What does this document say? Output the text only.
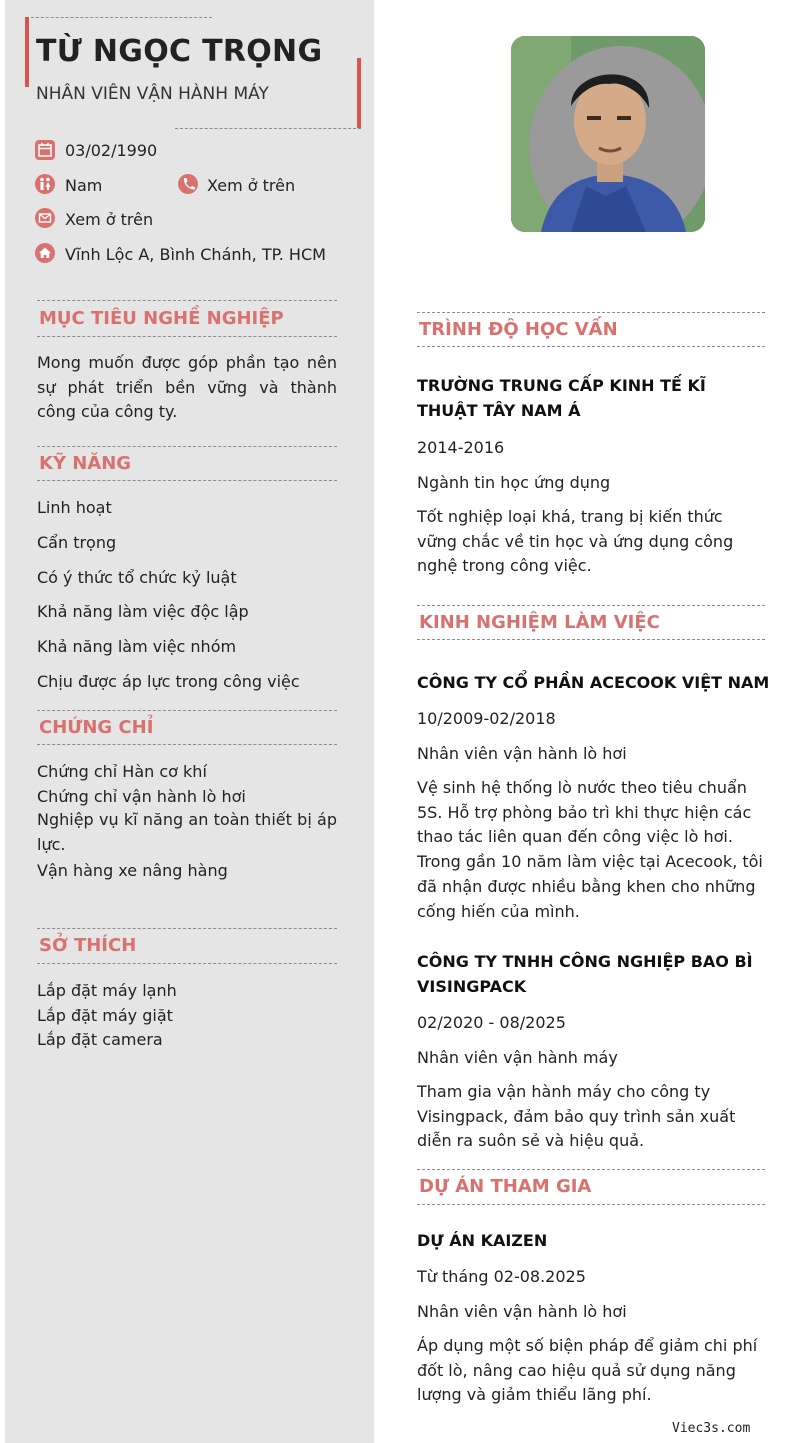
TỪ NGỌC TRỌNG
NHÂN VIÊN VẬN HÀNH MÁY
03/02/1990
Nam	Xem ở trên
Xem ở trên
Vĩnh Lộc A, Bình Chánh, TP. HCM
MỤC TIÊU NGHỀ NGHIỆP
Mong muốn được góp phần tạo nên sự phát triển bền vững và thành công của công ty.
KỸ NĂNG
Linh hoạt
Cẩn trọng
Có ý thức tổ chức kỷ luật
Khả năng làm việc độc lập
Khả năng làm việc nhóm
Chịu được áp lực trong công việc
CHỨNG CHỈ
Chứng chỉ Hàn cơ khí
Chứng chỉ vận hành lò hơi
Nghiệp vụ kĩ năng an toàn thiết bị áp lực.
Vận hàng xe nâng hàng
SỞ THÍCH
Lắp đặt máy lạnh
Lắp đặt máy giặt
Lắp đặt camera
TRÌNH ĐỘ HỌC VẤN
TRƯỜNG TRUNG CẤP KINH TẾ KĨ THUẬT TÂY NAM Á
2014-2016
Ngành tin học ứng dụng
Tốt nghiệp loại khá, trang bị kiến thức vững chắc về tin học và ứng dụng công nghệ trong công việc.
KINH NGHIỆM LÀM VIỆC
CÔNG TY CỔ PHẦN ACECOOK VIỆT NAM
10/2009-02/2018
Nhân viên vận hành lò hơi
Vệ sinh hệ thống lò nước theo tiêu chuẩn 5S. Hỗ trợ phòng bảo trì khi thực hiện các thao tác liên quan đến công việc lò hơi. Trong gần 10 năm làm việc tại Acecook, tôi đã nhận được nhiều bằng khen cho những cống hiến của mình.
CÔNG TY TNHH CÔNG NGHIỆP BAO BÌ VISINGPACK
02/2020 - 08/2025
Nhân viên vận hành máy
Tham gia vận hành máy cho công ty Visingpack, đảm bảo quy trình sản xuất diễn ra suôn sẻ và hiệu quả.
DỰ ÁN THAM GIA
DỰ ÁN KAIZEN
Từ tháng 02-08.2025
Nhân viên vận hành lò hơi
Áp dụng một số biện pháp để giảm chi phí đốt lò, nâng cao hiệu quả sử dụng năng lượng và giảm thiểu lãng phí.
Viec3s.com
